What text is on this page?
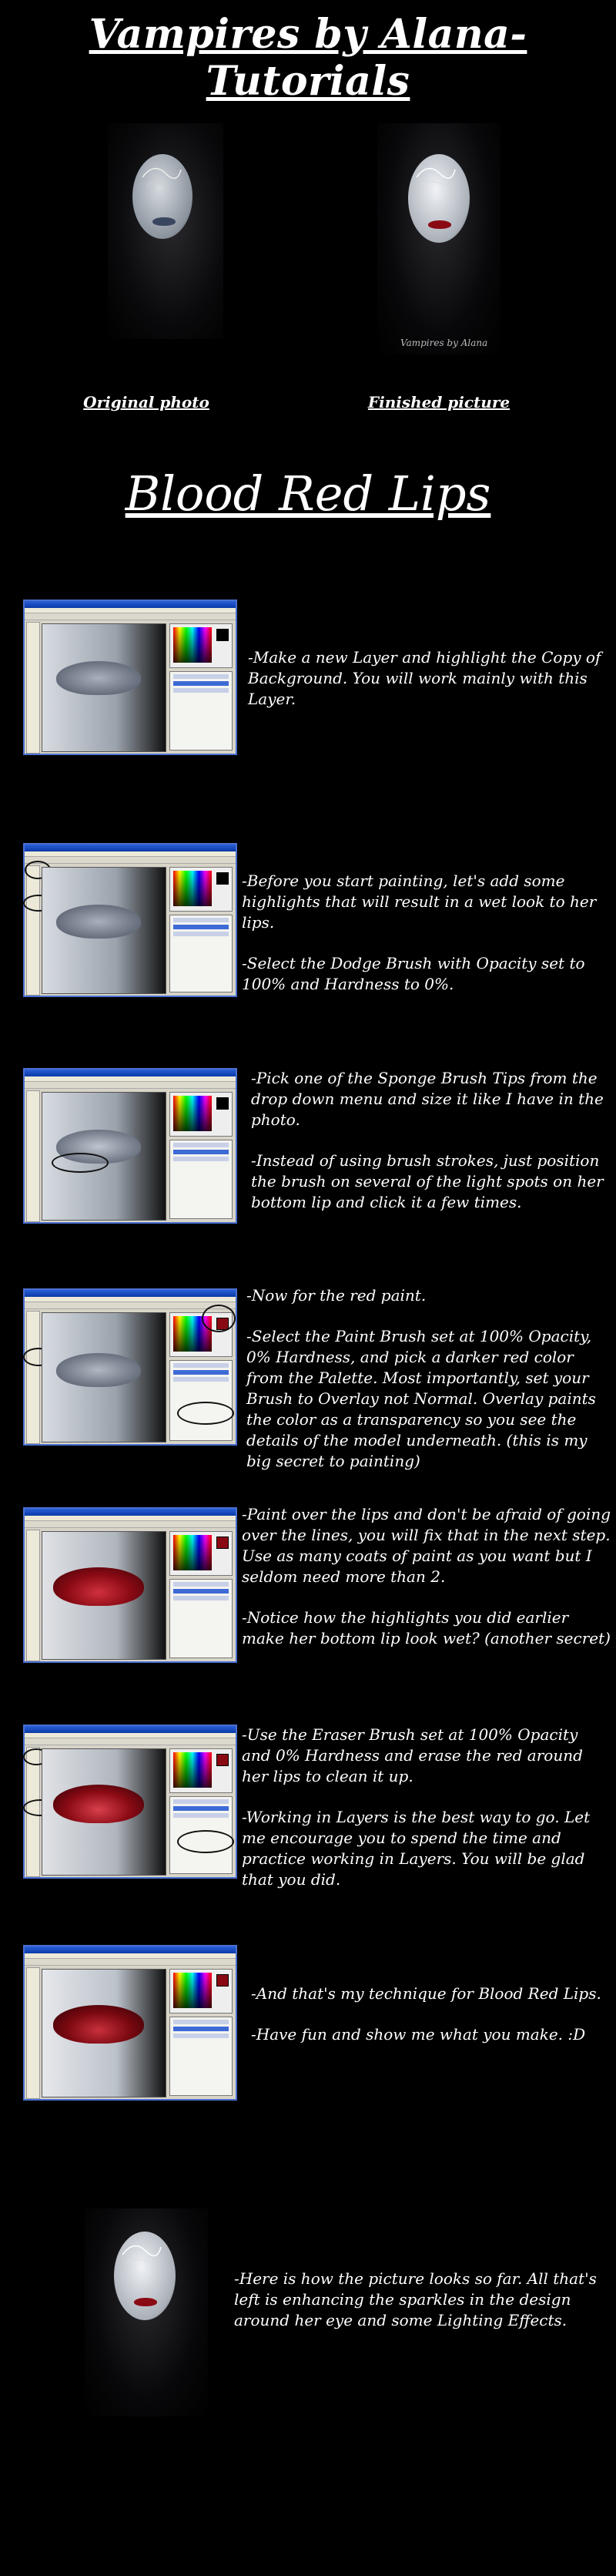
Vampires by Alana-Tutorials
Original photo
Vampires by Alana
Finished picture
Blood Red Lips

-Make a new Layer and highlight the Copy of Background. You will work mainly with this Layer.

-Before you start painting, let's add some highlights that will result in a wet look to her lips.

-Select the Dodge Brush with Opacity set to 100% and Hardness to 0%.

-Pick one of the Sponge Brush Tips from the drop down menu and size it like I have in the photo.

-Instead of using brush strokes, just position the brush on several of the light spots on her bottom lip and click it a few times.

-Now for the red paint.

-Select the Paint Brush set at 100% Opacity, 0% Hardness, and pick a darker red color from the Palette. Most importantly, set your Brush to Overlay not Normal. Overlay paints the color as a transparency so you see the details of the model underneath. (this is my big secret to painting)

-Paint over the lips and don't be afraid of going over the lines, you will fix that in the next step. Use as many coats of paint as you want but I seldom need more than 2.

-Notice how the highlights you did earlier make her bottom lip look wet? (another secret)

-Use the Eraser Brush set at 100% Opacity and 0% Hardness and erase the red around her lips to clean it up.

-Working in Layers is the best way to go. Let me encourage you to spend the time and practice working in Layers. You will be glad that you did.

-And that's my technique for Blood Red Lips.

-Have fun and show me what you make. :D

-Here is how the picture looks so far. All that's left is enhancing the sparkles in the design around her eye and some Lighting Effects.
